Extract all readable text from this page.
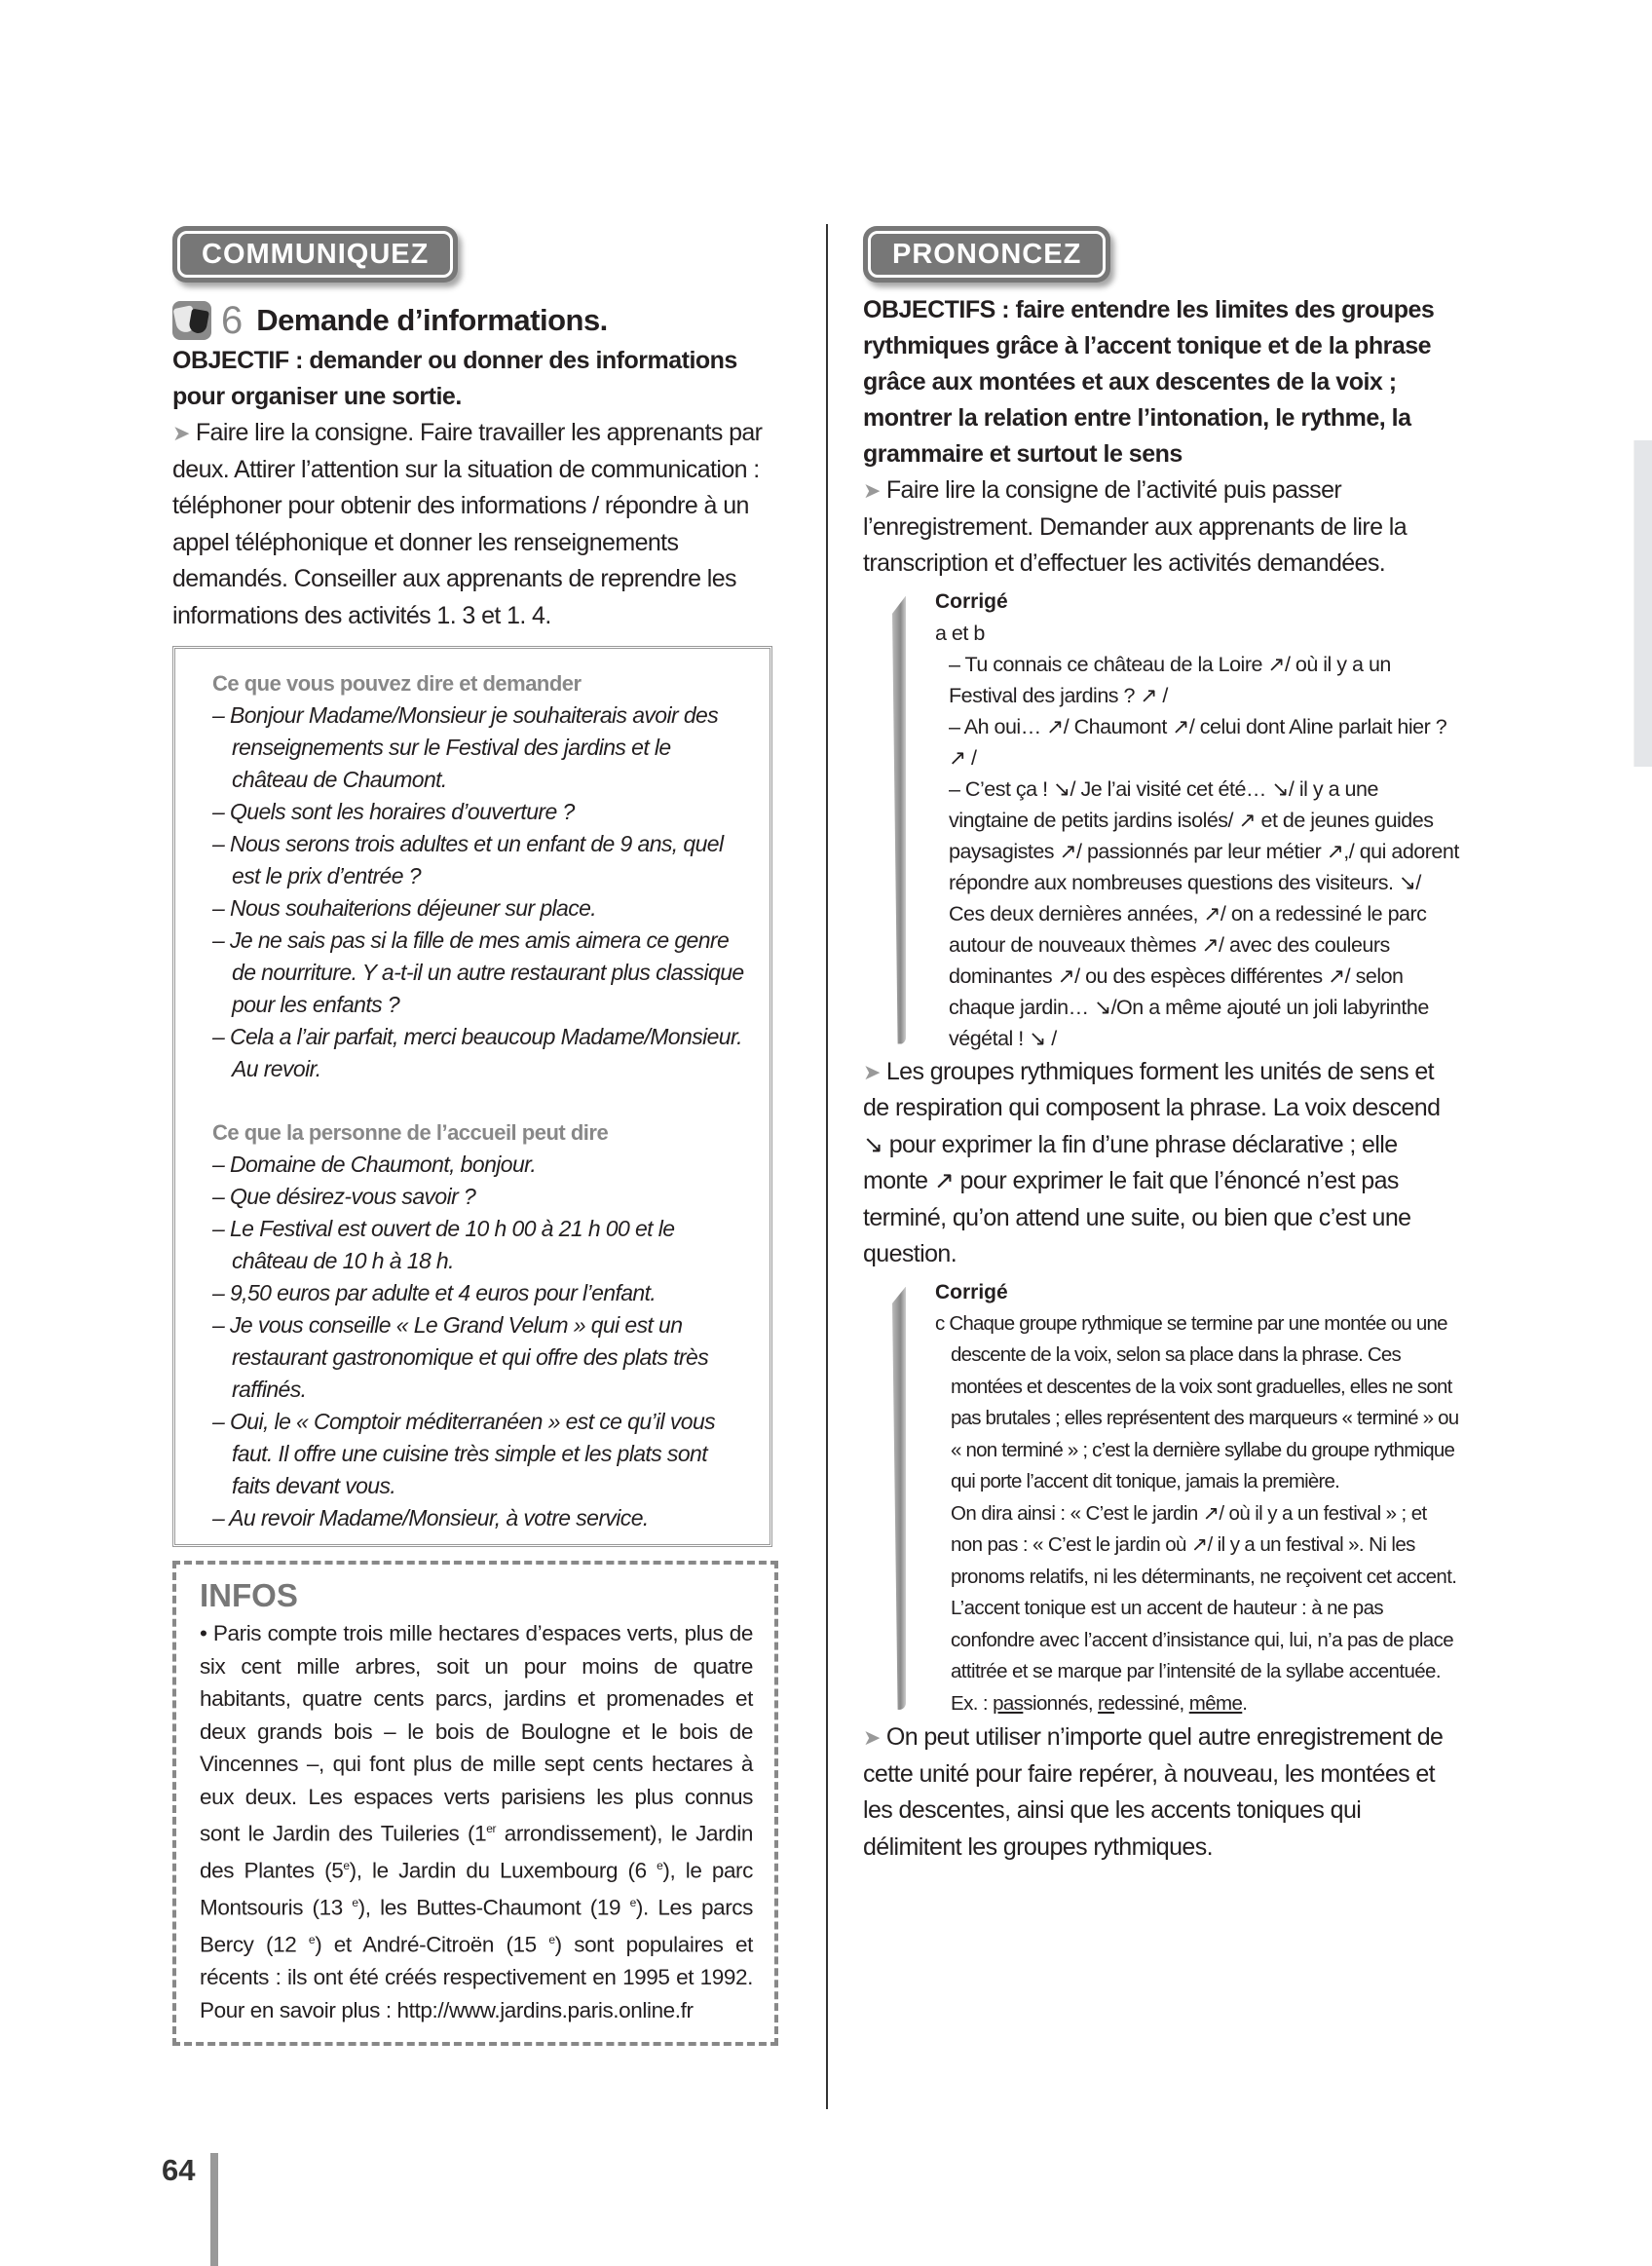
COMMUNIQUEZ
6 Demande d’informations.

OBJECTIF : demander ou donner des informations pour organiser une sortie.

➤ Faire lire la consigne. Faire travailler les apprenants par deux. Attirer l’attention sur la situation de communication : téléphoner pour obtenir des informations / répondre à un appel téléphonique et donner les renseignements demandés. Conseiller aux apprenants de reprendre les informations des activités 1. 3 et 1. 4.

Ce que vous pouvez dire et demander

– Bonjour Madame/Monsieur je souhaiterais avoir des renseignements sur le Festival des jardins et le château de Chaumont.

– Quels sont les horaires d’ouverture ?

– Nous serons trois adultes et un enfant de 9 ans, quel est le prix d’entrée ?

– Nous souhaiterions déjeuner sur place.

– Je ne sais pas si la fille de mes amis aimera ce genre de nourriture. Y a-t-il un autre restaurant plus classique pour les enfants ?

– Cela a l’air parfait, merci beaucoup Madame/Monsieur. Au revoir.

Ce que la personne de l’accueil peut dire

– Domaine de Chaumont, bonjour.

– Que désirez-vous savoir ?

– Le Festival est ouvert de 10 h 00 à 21 h 00 et le château de 10 h à 18 h.

– 9,50 euros par adulte et 4 euros pour l’enfant.

– Je vous conseille « Le Grand Velum » qui est un restaurant gastronomique et qui offre des plats très raffinés.

– Oui, le « Comptoir méditerranéen » est ce qu’il vous faut. Il offre une cuisine très simple et les plats sont faits devant vous.

– Au revoir Madame/Monsieur, à votre service.

INFOS

• Paris compte trois mille hectares d’espaces verts, plus de six cent mille arbres, soit un pour moins de quatre habitants, quatre cents parcs, jardins et promenades et deux grands bois – le bois de Boulogne et le bois de Vincennes –, qui font plus de mille sept cents hectares à eux deux. Les espaces verts parisiens les plus connus sont le Jardin des Tuileries (1er arrondissement), le Jardin des Plantes (5e), le Jardin du Luxembourg (6 $^e$), le parc Montsouris (13 $^e$), les Buttes-Chaumont (19 $^e$). Les parcs Bercy (12 $^e$) et André-Citroën (15 $^e$) sont populaires et récents : ils ont été créés respectivement en 1995 et 1992. Pour en savoir plus : http://www.jardins.paris.online.fr

PRONONCEZ

OBJECTIFS : faire entendre les limites des groupes rythmiques grâce à l’accent tonique et de la phrase grâce aux montées et aux descentes de la voix ; montrer la relation entre l’intonation, le rythme, la grammaire et surtout le sens

➤ Faire lire la consigne de l’activité puis passer l’enregistrement. Demander aux apprenants de lire la transcription et d’effectuer les activités demandées.

Corrigé

a et b

– Tu connais ce château de la Loire ↗/ où il y a un Festival des jardins ? ↗ /

– Ah oui… ↗/ Chaumont ↗/ celui dont Aline parlait hier ? ↗ /

– C’est ça ! ↘/ Je l’ai visité cet été… ↘/ il y a une vingtaine de petits jardins isolés/ ↗ et de jeunes guides paysagistes ↗/ passionnés par leur métier ↗,/ qui adorent répondre aux nombreuses questions des visiteurs. ↘/ Ces deux dernières années, ↗/ on a redessiné le parc autour de nouveaux thèmes ↗/ avec des couleurs dominantes ↗/ ou des espèces différentes ↗/ selon chaque jardin… ↘/On a même ajouté un joli labyrinthe végétal ! ↘ /

➤ Les groupes rythmiques forment les unités de sens et de respiration qui composent la phrase. La voix descend ↘ pour exprimer la fin d’une phrase déclarative ; elle monte ↗ pour exprimer le fait que l’énoncé n’est pas terminé, qu’on attend une suite, ou bien que c’est une question.

Corrigé

c Chaque groupe rythmique se termine par une montée ou une descente de la voix, selon sa place dans la phrase. Ces montées et descentes de la voix sont graduelles, elles ne sont pas brutales ; elles représentent des marqueurs « terminé » ou « non terminé » ; c’est la dernière syllabe du groupe rythmique qui porte l’accent dit tonique, jamais la première.

On dira ainsi : « C’est le jardin ↗/ où il y a un festival » ; et non pas : « C’est le jardin où ↗/ il y a un festival ». Ni les pronoms relatifs, ni les déterminants, ne reçoivent cet accent. L’accent tonique est un accent de hauteur : à ne pas confondre avec l’accent d’insistance qui, lui, n’a pas de place attitrée et se marque par l’intensité de la syllabe accentuée.

Ex. : passionnés, redessiné, même.

➤ On peut utiliser n’importe quel autre enregistrement de cette unité pour faire repérer, à nouveau, les montées et les descentes, ainsi que les accents toniques qui délimitent les groupes rythmiques.

64
